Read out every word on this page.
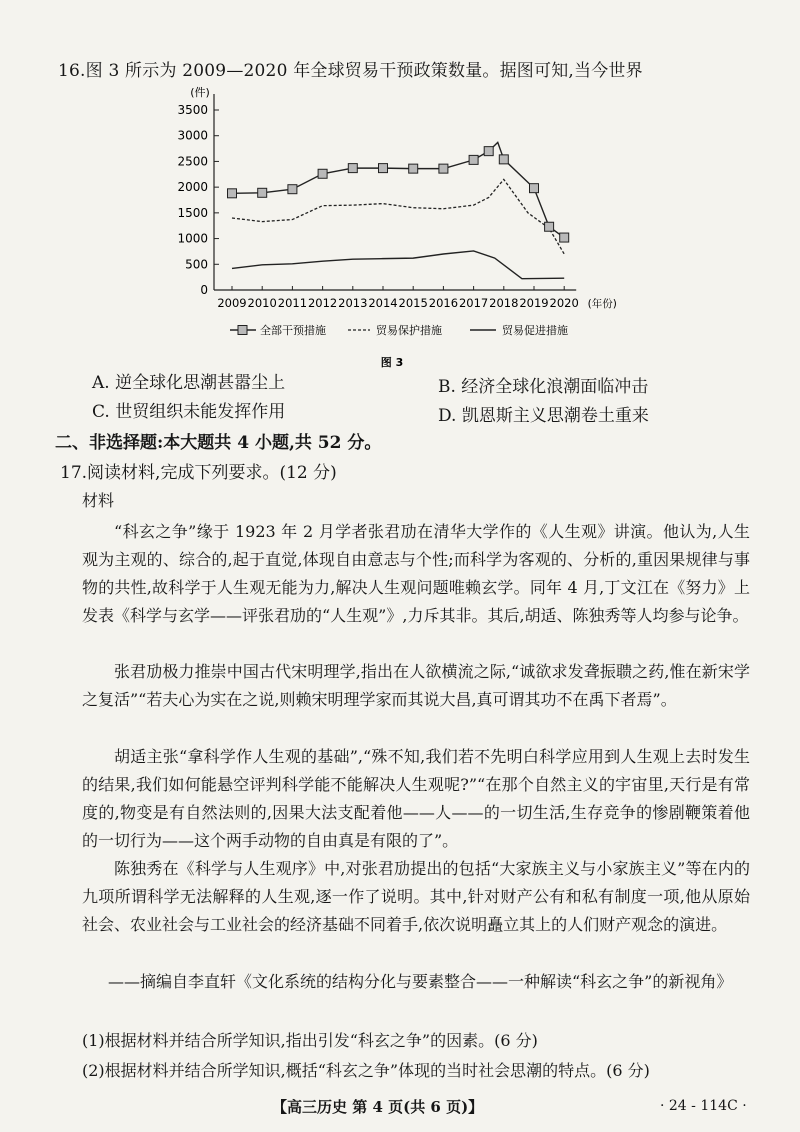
16.图 3 所示为 2009—2020 年全球贸易干预政策数量。据图可知,当今世界
0
500
1000
1500
2000
2500
3000
3500
(件)
2009 2010 2011 2012 2013 2014 2015 2016 2017 2018 2019 2020 (年份)
全部干预措施	贸易保护措施	贸易促进措施
图 3
A. 逆全球化思潮甚嚣尘上	B. 经济全球化浪潮面临冲击
C. 世贸组织未能发挥作用	D. 凯恩斯主义思潮卷土重来
二、非选择题:本大题共 4 小题,共 52 分。
17.阅读材料,完成下列要求。(12 分)
材料
“科玄之争”缘于 1923 年 2 月学者张君劢在清华大学作的《人生观》讲演。他认为,人生观为主观的、综合的,起于直觉,体现自由意志与个性;而科学为客观的、分析的,重因果规律与事物的共性,故科学于人生观无能为力,解决人生观问题唯赖玄学。同年 4 月,丁文江在《努力》上发表《科学与玄学——评张君劢的“人生观”》,力斥其非。其后,胡适、陈独秀等人均参与论争。
张君劢极力推崇中国古代宋明理学,指出在人欲横流之际,“诚欲求发聋振聩之药,惟在新宋学之复活”“若夫心为实在之说,则赖宋明理学家而其说大昌,真可谓其功不在禹下者焉”。
胡适主张“拿科学作人生观的基础”,“殊不知,我们若不先明白科学应用到人生观上去时发生的结果,我们如何能悬空评判科学能不能解决人生观呢?”“在那个自然主义的宇宙里,天行是有常度的,物变是有自然法则的,因果大法支配着他——人——的一切生活,生存竞争的惨剧鞭策着他的一切行为——这个两手动物的自由真是有限的了”。
陈独秀在《科学与人生观序》中,对张君劢提出的包括“大家族主义与小家族主义”等在内的九项所谓科学无法解释的人生观,逐一作了说明。其中,针对财产公有和私有制度一项,他从原始社会、农业社会与工业社会的经济基础不同着手,依次说明矗立其上的人们财产观念的演进。
——摘编自李直轩《文化系统的结构分化与要素整合——一种解读“科玄之争”的新视角》
(1)根据材料并结合所学知识,指出引发“科玄之争”的因素。(6 分)
(2)根据材料并结合所学知识,概括“科玄之争”体现的当时社会思潮的特点。(6 分)
【高三历史 第 4 页(共 6 页)】	· 24 - 114C ·
